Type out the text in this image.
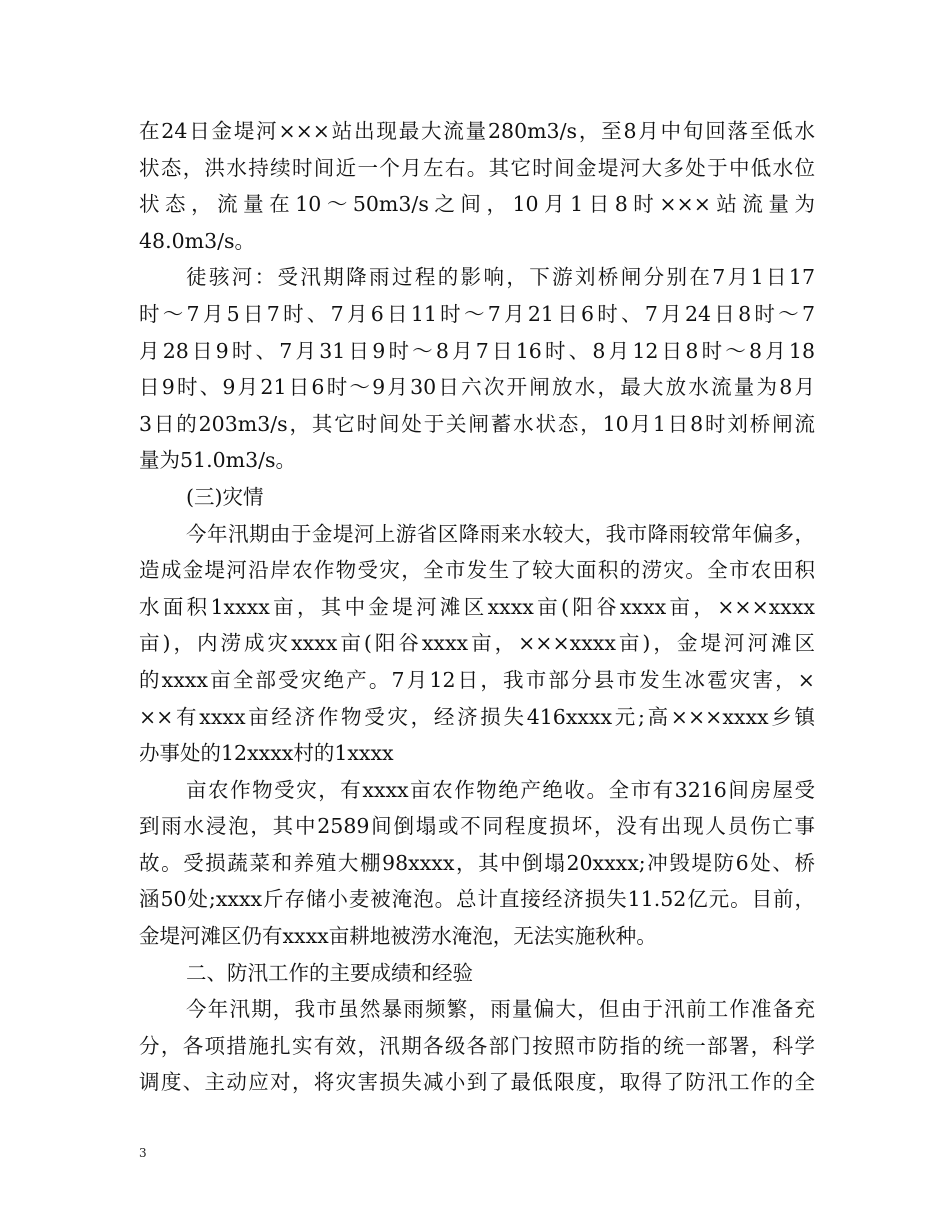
在24日金堤河×××站出现最大流量280m3/s，至8月中旬回落至低水
状态，洪水持续时间近一个月左右。其它时间金堤河大多处于中低水位
状态，流量在10～50m3/s之间，10月1日8时×××站流量为
48.0m3/s。
徒骇河：受汛期降雨过程的影响，下游刘桥闸分别在7月1日17
时～7月5日7时、7月6日11时～7月21日6时、7月24日8时～7
月28日9时、7月31日9时～8月7日16时、8月12日8时～8月18
日9时、9月21日6时～9月30日六次开闸放水，最大放水流量为8月
3日的203m3/s，其它时间处于关闸蓄水状态，10月1日8时刘桥闸流
量为51.0m3/s。
(三)灾情
今年汛期由于金堤河上游省区降雨来水较大，我市降雨较常年偏多，
造成金堤河沿岸农作物受灾，全市发生了较大面积的涝灾。全市农田积
水面积1xxxx亩，其中金堤河滩区xxxx亩(阳谷xxxx亩，×××xxxx
亩)，内涝成灾xxxx亩(阳谷xxxx亩，×××xxxx亩)，金堤河河滩区
的xxxx亩全部受灾绝产。7月12日，我市部分县市发生冰雹灾害，×
××有xxxx亩经济作物受灾，经济损失416xxxx元;高×××xxxx乡镇
办事处的12xxxx村的1xxxx
亩农作物受灾，有xxxx亩农作物绝产绝收。全市有3216间房屋受
到雨水浸泡，其中2589间倒塌或不同程度损坏，没有出现人员伤亡事
故。受损蔬菜和养殖大棚98xxxx，其中倒塌20xxxx;冲毁堤防6处、桥
涵50处;xxxx斤存储小麦被淹泡。总计直接经济损失11.52亿元。目前，
金堤河滩区仍有xxxx亩耕地被涝水淹泡，无法实施秋种。
二、防汛工作的主要成绩和经验
今年汛期，我市虽然暴雨频繁，雨量偏大，但由于汛前工作准备充
分，各项措施扎实有效，汛期各级各部门按照市防指的统一部署，科学
调度、主动应对，将灾害损失减小到了最低限度，取得了防汛工作的全
3
